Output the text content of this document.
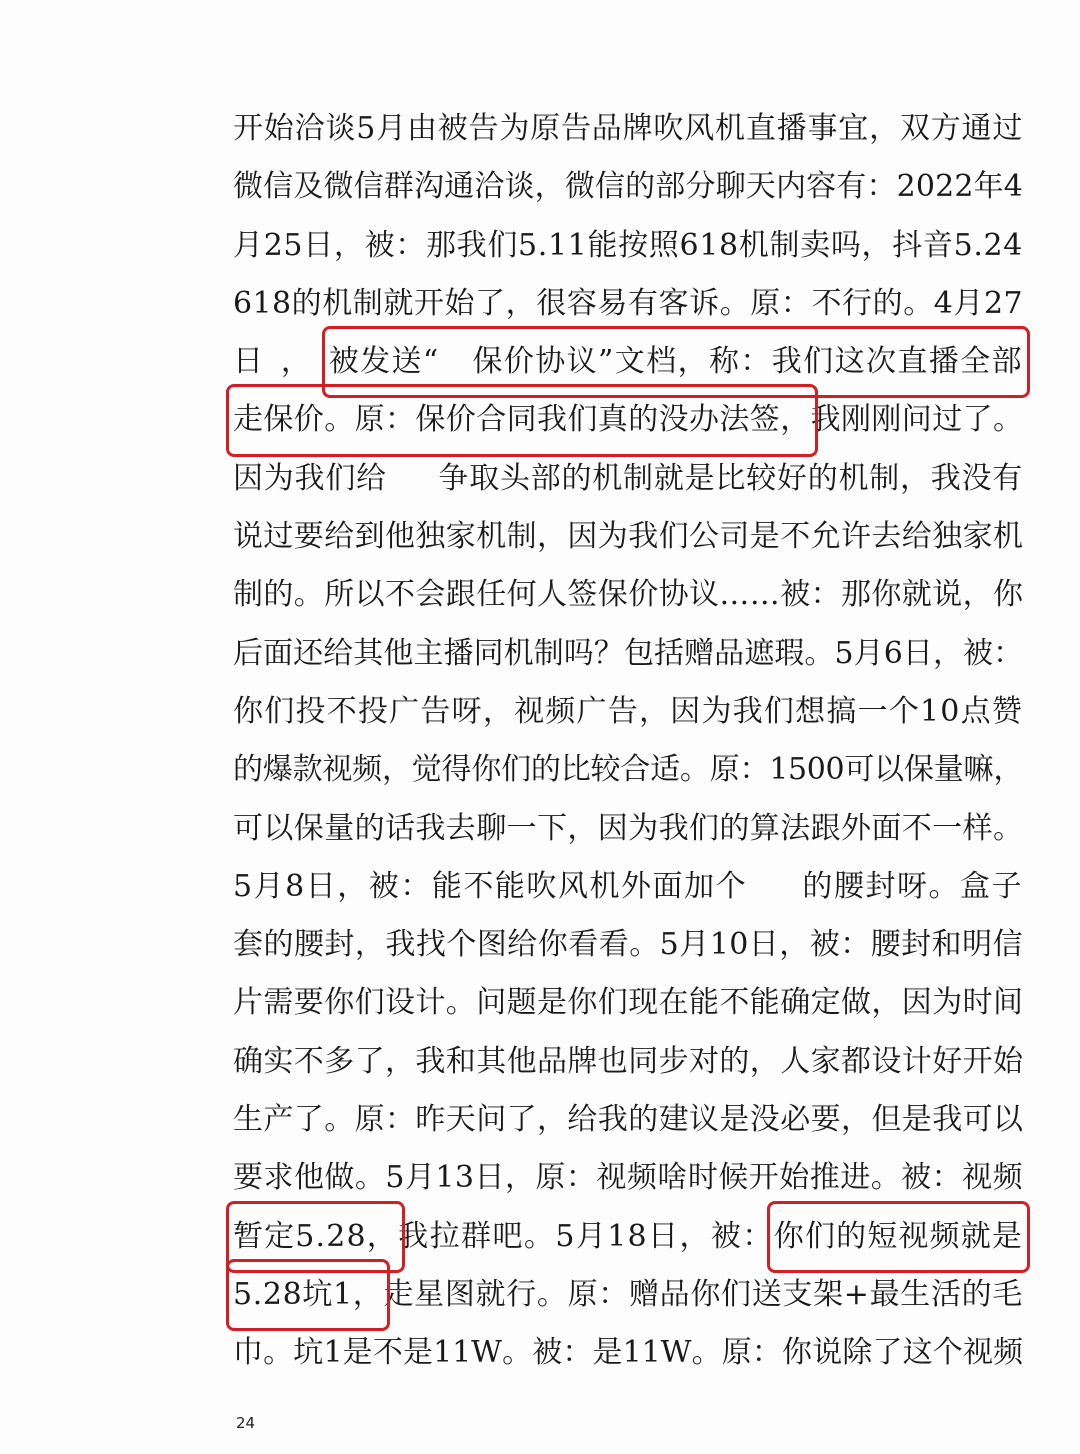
开始洽谈5月由被告为原告品牌吹风机直播事宜，双方通过
微信及微信群沟通洽谈，微信的部分聊天内容有：2022年4
月25日，被：那我们5.11能按照618机制卖吗，抖音5.24
618的机制就开始了，很容易有客诉。原：不行的。4月27
日，被发送“   保价协议”文档，称：我们这次直播全部
走保价。原：保价合同我们真的没办法签，我刚刚问过了。
因为我们给     争取头部的机制就是比较好的机制，我没有
说过要给到他独家机制，因为我们公司是不允许去给独家机
制的。所以不会跟任何人签保价协议……被：那你就说，你
后面还给其他主播同机制吗？包括赠品遮瑕。5月6日，被：
你们投不投广告呀，视频广告，因为我们想搞一个10点赞
的爆款视频，觉得你们的比较合适。原：1500可以保量嘛，
可以保量的话我去聊一下，因为我们的算法跟外面不一样。
5月8日，被：能不能吹风机外面加个     的腰封呀。盒子
套的腰封，我找个图给你看看。5月10日，被：腰封和明信
片需要你们设计。问题是你们现在能不能确定做，因为时间
确实不多了，我和其他品牌也同步对的，人家都设计好开始
生产了。原：昨天问了，给我的建议是没必要，但是我可以
要求他做。5月13日，原：视频啥时候开始推进。被：视频
暂定5.28，我拉群吧。5月18日，被：你们的短视频就是
5.28坑1，走星图就行。原：赠品你们送支架+最生活的毛
巾。坑1是不是11W。被：是11W。原：你说除了这个视频
24
